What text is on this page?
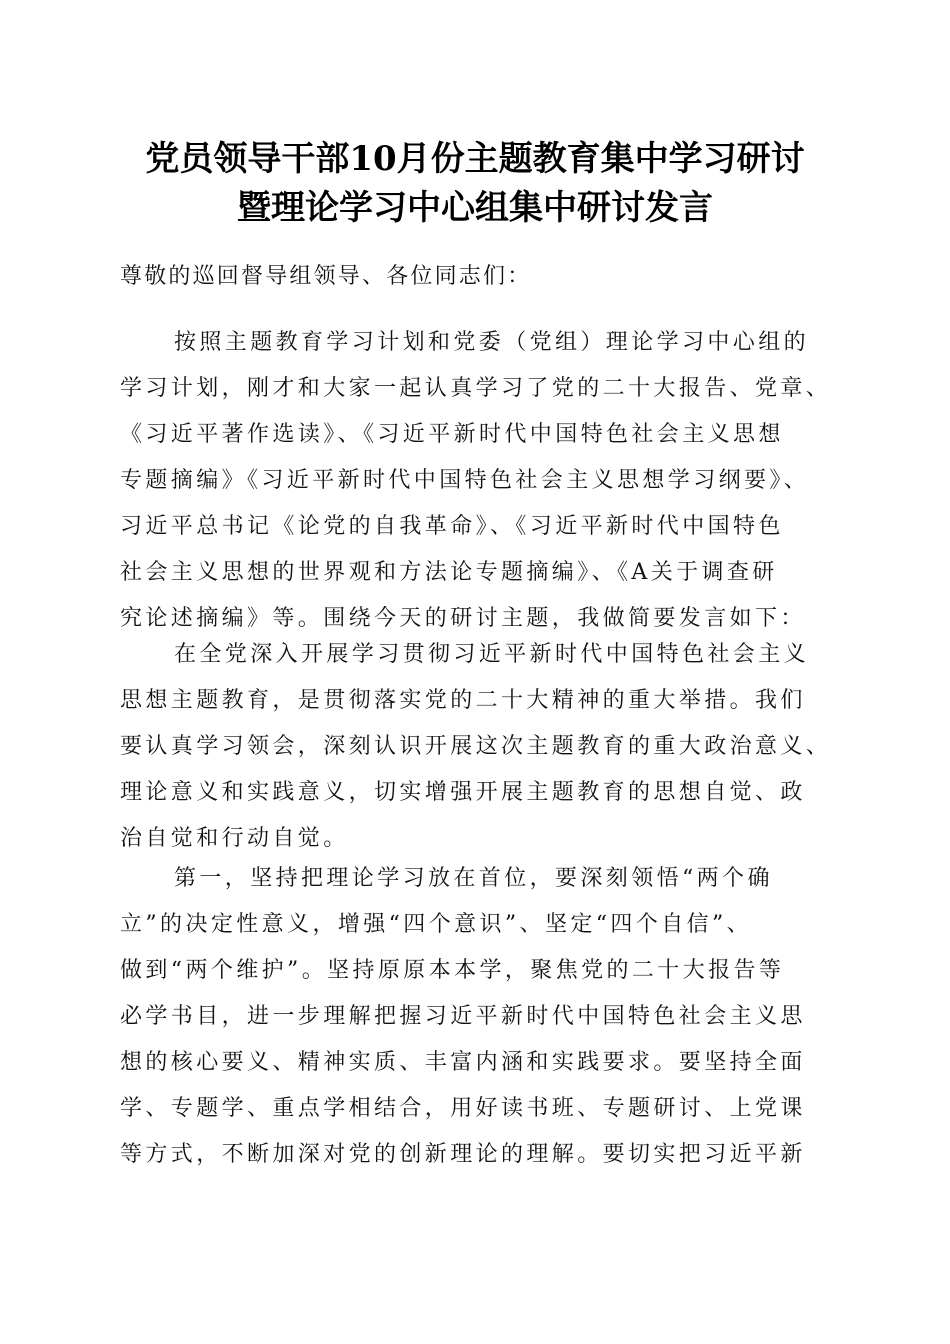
党员领导干部10月份主题教育集中学习研讨
暨理论学习中心组集中研讨发言
尊敬的巡回督导组领导、各位同志们：
按照主题教育学习计划和党委（党组）理论学习中心组的
学习计划，刚才和大家一起认真学习了党的二十大报告、党章、
《习近平著作选读》、《习近平新时代中国特色社会主义思想
专题摘编》《习近平新时代中国特色社会主义思想学习纲要》、
习近平总书记《论党的自我革命》、《习近平新时代中国特色
社会主义思想的世界观和方法论专题摘编》、《A关于调查研
究论述摘编》等。围绕今天的研讨主题，我做简要发言如下：
在全党深入开展学习贯彻习近平新时代中国特色社会主义
思想主题教育，是贯彻落实党的二十大精神的重大举措。我们
要认真学习领会，深刻认识开展这次主题教育的重大政治意义、
理论意义和实践意义，切实增强开展主题教育的思想自觉、政
治自觉和行动自觉。
第一，坚持把理论学习放在首位，要深刻领悟“两个确
立”的决定性意义，增强“四个意识”、坚定“四个自信”、
做到“两个维护”。坚持原原本本学，聚焦党的二十大报告等
必学书目，进一步理解把握习近平新时代中国特色社会主义思
想的核心要义、精神实质、丰富内涵和实践要求。要坚持全面
学、专题学、重点学相结合，用好读书班、专题研讨、上党课
等方式，不断加深对党的创新理论的理解。要切实把习近平新
